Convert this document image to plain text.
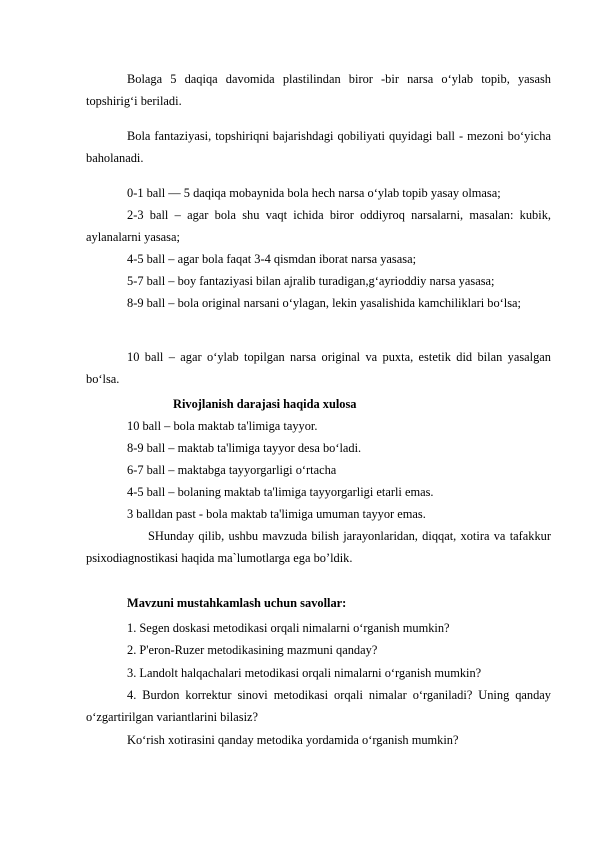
Bolaga 5 daqiqa davomida plastilindan biror -bir narsa o‘ylab topib, yasash topshirig‘i beriladi.

Bola fantaziyasi, topshiriqni bajarishdagi qobiliyati quyidagi ball - mezoni bo‘yicha baholanadi.

0-1 ball — 5 daqiqa mobaynida bola hech narsa o‘ylab topib yasay olmasa;

2-3 ball – agar bola shu vaqt ichida biror oddiyroq narsalarni, masalan: kubik, aylanalarni yasasa;

4-5 ball – agar bola faqat 3-4 qismdan iborat narsa yasasa;

5-7 ball – boy fantaziyasi bilan ajralib turadigan,g‘ayrioddiy narsa yasasa;

8-9 ball – bola original narsani o‘ylagan, lekin yasalishida kamchiliklari bo‘lsa;

10 ball – agar o‘ylab topilgan narsa original va puxta, estetik did bilan yasalgan bo‘lsa.

Rivojlanish darajasi haqida xulosa

10 ball – bola maktab ta'limiga tayyor.

8-9 ball – maktab ta'limiga tayyor desa bo‘ladi.

6-7 ball – maktabga tayyorgarligi o‘rtacha

4-5 ball – bolaning maktab ta'limiga tayyorgarligi etarli emas.

3 balldan past - bola maktab ta'limiga umuman tayyor emas.

SHunday qilib, ushbu mavzuda bilish jarayonlaridan, diqqat, xotira va tafakkur psixodiagnostikasi haqida ma`lumotlarga ega bo’ldik.

Mavzuni mustahkamlash uchun savollar:

1. Segen doskasi metodikasi orqali nimalarni o‘rganish mumkin?

2. P'eron-Ruzer metodikasining mazmuni qanday?

3. Landolt halqachalari metodikasi orqali nimalarni o‘rganish mumkin?

4. Burdon korrektur sinovi metodikasi orqali nimalar o‘rganiladi? Uning qanday o‘zgartirilgan variantlarini bilasiz?

Ko‘rish xotirasini qanday metodika yordamida o‘rganish mumkin?
